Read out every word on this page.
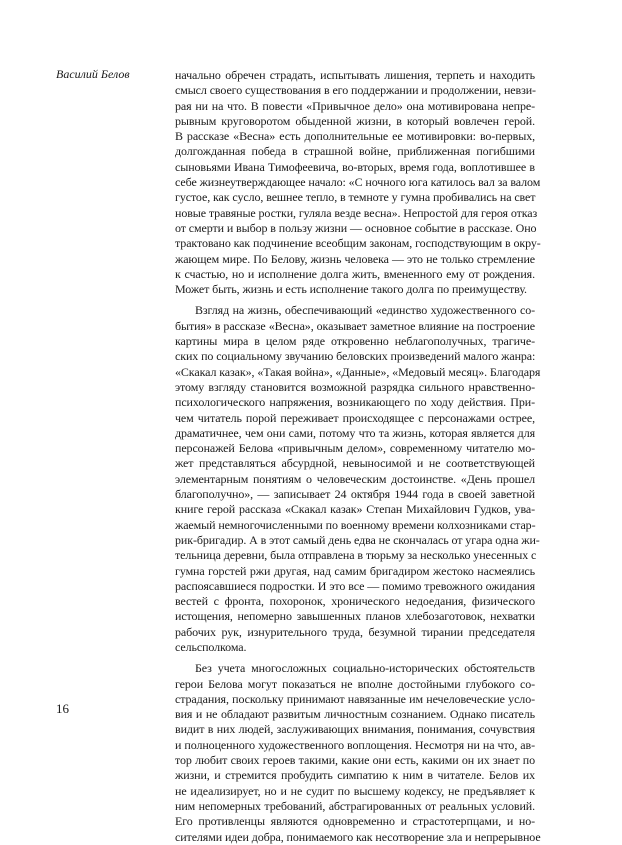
Василий Белов	начально обречен страдать, испытывать лишения, терпеть и находить
смысл своего существования в его поддержании и продолжении, невзи-
рая ни на что. В повести «Привычное дело» она мотивирована непре-
рывным круговоротом обыденной жизни, в который вовлечен герой.
В рассказе «Весна» есть дополнительные ее мотивировки: во-первых,
долгожданная победа в страшной войне, приближенная погибшими
сыновьями Ивана Тимофеевича, во-вторых, время года, воплотившее в
себе жизнеутверждающее начало: «С ночного юга катилось вал за валом
густое, как сусло, вешнее тепло, в темноте у гумна пробивались на свет
новые травяные ростки, гуляла везде весна». Непростой для героя отказ
от смерти и выбор в пользу жизни — основное событие в рассказе. Оно
трактовано как подчинение всеобщим законам, господствующим в окру-
жающем мире. По Белову, жизнь человека — это не только стремление
к счастью, но и исполнение долга жить, вмененного ему от рождения.
Может быть, жизнь и есть исполнение такого долга по преимуществу.
Взгляд на жизнь, обеспечивающий «единство художественного со-
бытия» в рассказе «Весна», оказывает заметное влияние на построение
картины мира в целом ряде откровенно неблагополучных, трагиче-
ских по социальному звучанию беловских произведений малого жанра:
«Скакал казак», «Такая война», «Данные», «Медовый месяц». Благодаря
этому взгляду становится возможной разрядка сильного нравственно-
психологического напряжения, возникающего по ходу действия. При-
чем читатель порой переживает происходящее с персонажами острее,
драматичнее, чем они сами, потому что та жизнь, которая является для
персонажей Белова «привычным делом», современному читателю мо-
жет представляться абсурдной, невыносимой и не соответствующей
элементарным понятиям о человеческим достоинстве. «День прошел
благополучно», — записывает 24 октября 1944 года в своей заветной
книге герой рассказа «Скакал казак» Степан Михайлович Гудков, ува-
жаемый немногочисленными по военному времени колхозниками стар-
рик-бригадир. А в этот самый день едва не скончалась от угара одна жи-
тельница деревни, была отправлена в тюрьму за несколько унесенных с
гумна горстей ржи другая, над самим бригадиром жестоко насмеялись
распоясавшиеся подростки. И это все — помимо тревожного ожидания
вестей с фронта, похоронок, хронического недоедания, физического
истощения, непомерно завышенных планов хлебозаготовок, нехватки
рабочих рук, изнурительного труда, безумной тирании председателя
сельсполкома.
Без учета многосложных социально-исторических обстоятельств
герои Белова могут показаться не вполне достойными глубокого со-
страдания, поскольку принимают навязанные им нечеловеческие усло-
вия и не обладают развитым личностным сознанием. Однако писатель
видит в них людей, заслуживающих внимания, понимания, сочувствия
и полноценного художественного воплощения. Несмотря ни на что, ав-
тор любит своих героев такими, какие они есть, какими он их знает по
жизни, и стремится пробудить симпатию к ним в читателе. Белов их
не идеализирует, но и не судит по высшему кодексу, не предъявляет к
ним непомерных требований, абстрагированных от реальных условий.
Его противленцы являются одновременно и страстотерпцами, и но-
сителями идеи добра, понимаемого как несотворение зла и непрерывное
16
